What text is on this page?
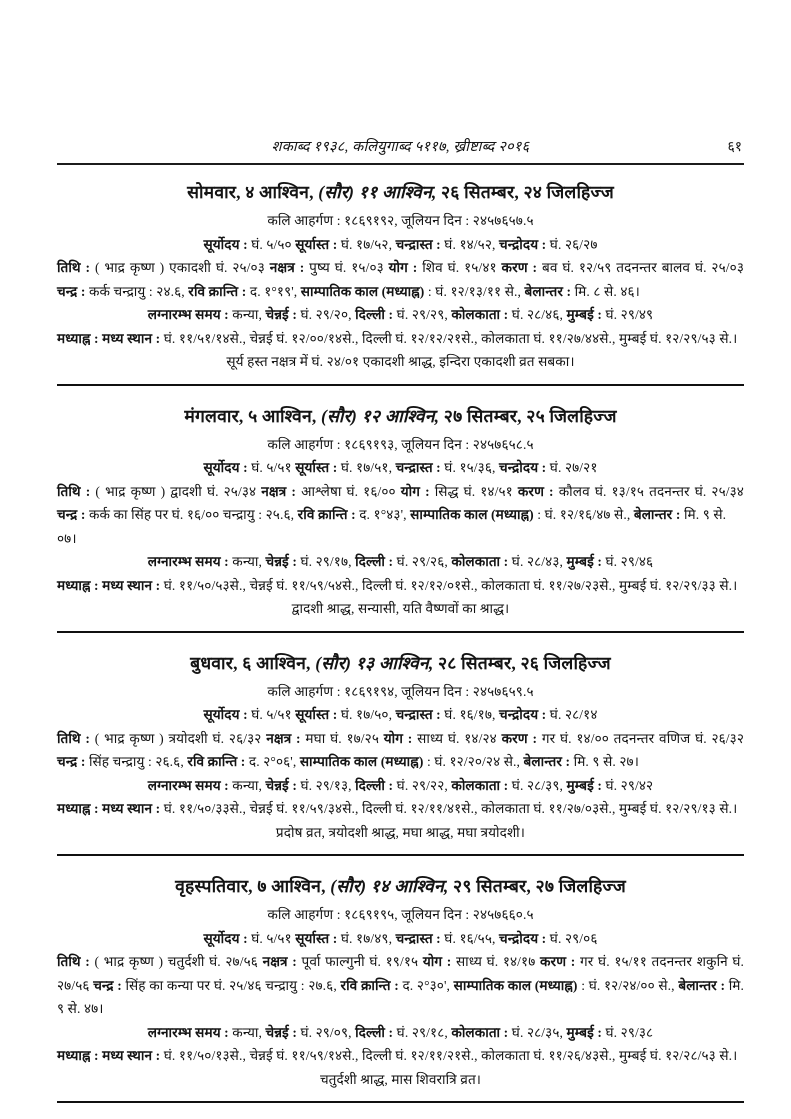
शकाब्द १९३८, कलियुगाब्द ५११७, ख्रीष्टाब्द २०१६	६१
सोमवार, ४ आश्विन, (सौर) ११ आश्विन, २६ सितम्बर, २४ जिलहिज्ज

कलि आहर्गण : १८६९१९२, जूलियन दिन : २४५७६५७.५

सूर्योदय : घं. ५/५० सूर्यास्त : घं. १७/५२, चन्द्रास्त : घं. १४/५२, चन्द्रोदय : घं. २६/२७

तिथि : ( भाद्र कृष्ण ) एकादशी घं. २५/०३ नक्षत्र : पुष्य घं. १५/०३ योग : शिव घं. १५/४१ करण : बव घं. १२/५९ तदनन्तर बालव घं. २५/०३

चन्द्र : कर्क चन्द्रायु : २४.६, रवि क्रान्ति : द. १°१९', साम्पातिक काल (मध्याह्न) : घं. १२/१३/११ से., बेलान्तर : मि. ८ से. ४६।

लग्नारम्भ समय : कन्या, चेन्नई : घं. २९/२०, दिल्ली : घं. २९/२९, कोलकाता : घं. २८/४६, मुम्बई : घं. २९/४९

मध्याह्न : मध्य स्थान : घं. ११/५१/१४से., चेन्नई घं. १२/००/१४से., दिल्ली घं. १२/१२/२१से., कोलकाता घं. ११/२७/४४से., मुम्बई घं. १२/२९/५३ से.।

सूर्य हस्त नक्षत्र में घं. २४/०१ एकादशी श्राद्ध, इन्दिरा एकादशी व्रत सबका।

मंगलवार, ५ आश्विन, (सौर) १२ आश्विन, २७ सितम्बर, २५ जिलहिज्ज

कलि आहर्गण : १८६९१९३, जूलियन दिन : २४५७६५८.५

सूर्योदय : घं. ५/५१ सूर्यास्त : घं. १७/५१, चन्द्रास्त : घं. १५/३६, चन्द्रोदय : घं. २७/२१

तिथि : ( भाद्र कृष्ण ) द्वादशी घं. २५/३४ नक्षत्र : आश्लेषा घं. १६/०० योग : सिद्ध घं. १४/५१ करण : कौलव घं. १३/१५ तदनन्तर घं. २५/३४

चन्द्र : कर्क का सिंह पर घं. १६/०० चन्द्रायु : २५.६, रवि क्रान्ति : द. १°४३', साम्पातिक काल (मध्याह्न) : घं. १२/१६/४७ से., बेलान्तर : मि. ९ से. ०७।

लग्नारम्भ समय : कन्या, चेन्नई : घं. २९/१७, दिल्ली : घं. २९/२६, कोलकाता : घं. २८/४३, मुम्बई : घं. २९/४६

मध्याह्न : मध्य स्थान : घं. ११/५०/५३से., चेन्नई घं. ११/५९/५४से., दिल्ली घं. १२/१२/०१से., कोलकाता घं. ११/२७/२३से., मुम्बई घं. १२/२९/३३ से.।

द्वादशी श्राद्ध, सन्यासी, यति वैष्णवों का श्राद्ध।

बुधवार, ६ आश्विन, (सौर) १३ आश्विन, २८ सितम्बर, २६ जिलहिज्ज

कलि आहर्गण : १८६९१९४, जूलियन दिन : २४५७६५९.५

सूर्योदय : घं. ५/५१ सूर्यास्त : घं. १७/५०, चन्द्रास्त : घं. १६/१७, चन्द्रोदय : घं. २८/१४

तिथि : ( भाद्र कृष्ण ) त्रयोदशी घं. २६/३२ नक्षत्र : मघा घं. १७/२५ योग : साध्य घं. १४/२४ करण : गर घं. १४/०० तदनन्तर वणिज घं. २६/३२

चन्द्र : सिंह चन्द्रायु : २६.६, रवि क्रान्ति : द. २°०६', साम्पातिक काल (मध्याह्न) : घं. १२/२०/२४ से., बेलान्तर : मि. ९ से. २७।

लग्नारम्भ समय : कन्या, चेन्नई : घं. २९/१३, दिल्ली : घं. २९/२२, कोलकाता : घं. २८/३९, मुम्बई : घं. २९/४२

मध्याह्न : मध्य स्थान : घं. ११/५०/३३से., चेन्नई घं. ११/५९/३४से., दिल्ली घं. १२/११/४१से., कोलकाता घं. ११/२७/०३से., मुम्बई घं. १२/२९/१३ से.।

प्रदोष व्रत, त्रयोदशी श्राद्ध, मघा श्राद्ध, मघा त्रयोदशी।

वृहस्पतिवार, ७ आश्विन, (सौर) १४ आश्विन, २९ सितम्बर, २७ जिलहिज्ज

कलि आहर्गण : १८६९१९५, जूलियन दिन : २४५७६६०.५

सूर्योदय : घं. ५/५१ सूर्यास्त : घं. १७/४९, चन्द्रास्त : घं. १६/५५, चन्द्रोदय : घं. २९/०६

तिथि : ( भाद्र कृष्ण ) चतुर्दशी घं. २७/५६ नक्षत्र : पूर्वा फाल्गुनी घं. १९/१५ योग : साध्य घं. १४/१७ करण : गर घं. १५/११ तदनन्तर शकुनि घं. २७/५६ चन्द्र : सिंह का कन्या पर घं. २५/४६ चन्द्रायु : २७.६, रवि क्रान्ति : द. २°३०', साम्पातिक काल (मध्याह्न) : घं. १२/२४/०० से., बेलान्तर : मि. ९ से. ४७।

लग्नारम्भ समय : कन्या, चेन्नई : घं. २९/०९, दिल्ली : घं. २९/१८, कोलकाता : घं. २८/३५, मुम्बई : घं. २९/३८

मध्याह्न : मध्य स्थान : घं. ११/५०/१३से., चेन्नई घं. ११/५९/१४से., दिल्ली घं. १२/११/२१से., कोलकाता घं. ११/२६/४३से., मुम्बई घं. १२/२८/५३ से.।

चतुर्दशी श्राद्ध, मास शिवरात्रि व्रत।
